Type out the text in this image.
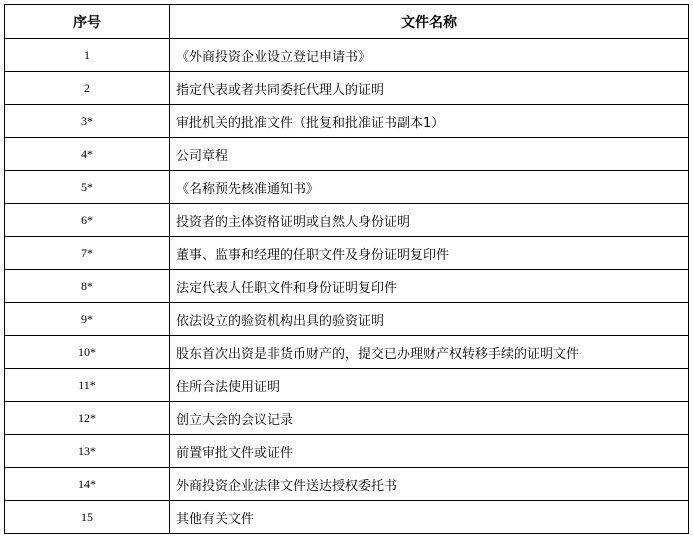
序号	文件名称
1	《外商投资企业设立登记申请书》
2	指定代表或者共同委托代理人的证明
3*	审批机关的批准文件（批复和批准证书副本1）
4*	公司章程
5*	《名称预先核准通知书》
6*	投资者的主体资格证明或自然人身份证明
7*	董事、监事和经理的任职文件及身份证明复印件
8*	法定代表人任职文件和身份证明复印件
9*	依法设立的验资机构出具的验资证明
10*	股东首次出资是非货币财产的，提交已办理财产权转移手续的证明文件
11*	住所合法使用证明
12*	创立大会的会议记录
13*	前置审批文件或证件
14*	外商投资企业法律文件送达授权委托书
15	其他有关文件
